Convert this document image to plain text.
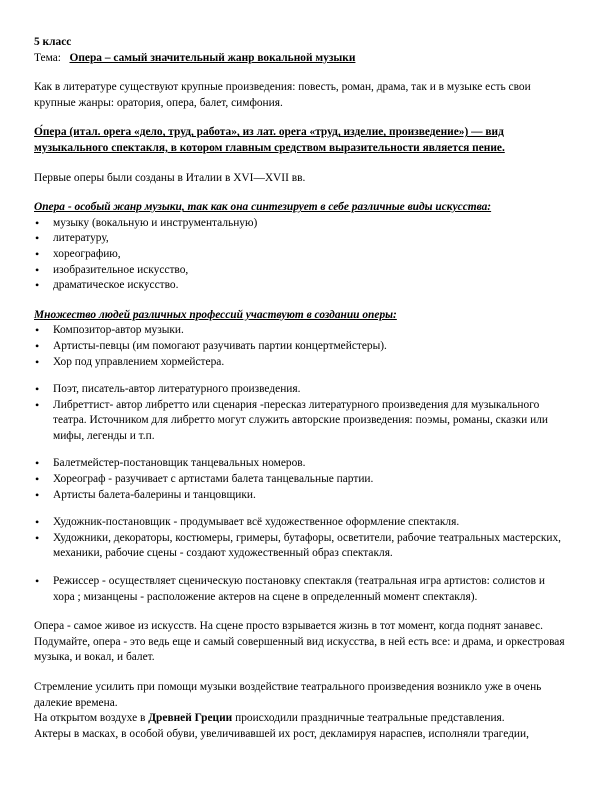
5 класс

Тема: Опера – самый значительный жанр вокальной музыки

Как в литературе существуют крупные произведения: повесть, роман, драма, так и в музыке есть свои крупные жанры: оратория, опера, балет, симфония.

О́пера (итал. opera «дело, труд, работа», из лат. opera «труд, изделие, произведение») — вид музыкального спектакля, в котором главным средством выразительности является пение.

Первые оперы были созданы в Италии в XVI—XVII вв.

Опера - особый жанр музыки, так как она синтезирует в себе различные виды искусства:

• музыку (вокальную и инструментальную)
• литературу,
• хореографию,
• изобразительное искусство,
• драматическое искусство.

Множество людей различных профессий участвуют в создании оперы:

• Композитор-автор музыки.
• Артисты-певцы (им помогают разучивать партии концертмейстеры).
• Хор под управлением хормейстера.
• Поэт, писатель-автор литературного произведения.
• Либреттист- автор либретто или сценария -пересказ литературного произведения для музыкального театра. Источником для либретто могут служить авторские произведения: поэмы, романы, сказки или мифы, легенды и т.п.
• Балетмейстер-постановщик танцевальных номеров.
• Хореограф - разучивает с артистами балета танцевальные партии.
• Артисты балета-балерины и танцовщики.
• Художник-постановщик - продумывает всё художественное оформление спектакля.
• Художники, декораторы, костюмеры, гримеры, бутафоры, осветители, рабочие театральных мастерских, механики, рабочие сцены - создают художественный образ спектакля.
• Режиссер - осуществляет сценическую постановку спектакля (театральная игра артистов: солистов и хора ; мизанцены - расположение актеров на сцене в определенный момент спектакля).

Опера - самое живое из искусств. На сцене просто взрывается жизнь в тот момент, когда поднят занавес. Подумайте, опера - это ведь еще и самый совершенный вид искусства, в ней есть все: и драма, и оркестровая музыка, и вокал, и балет.

Стремление усилить при помощи музыки воздействие театрального произведения возникло уже в очень далекие времена.

На открытом воздухе в Древней Греции происходили праздничные театральные представления.

Актеры в масках, в особой обуви, увеличивавшей их рост, декламируя нараспев, исполняли трагедии,
